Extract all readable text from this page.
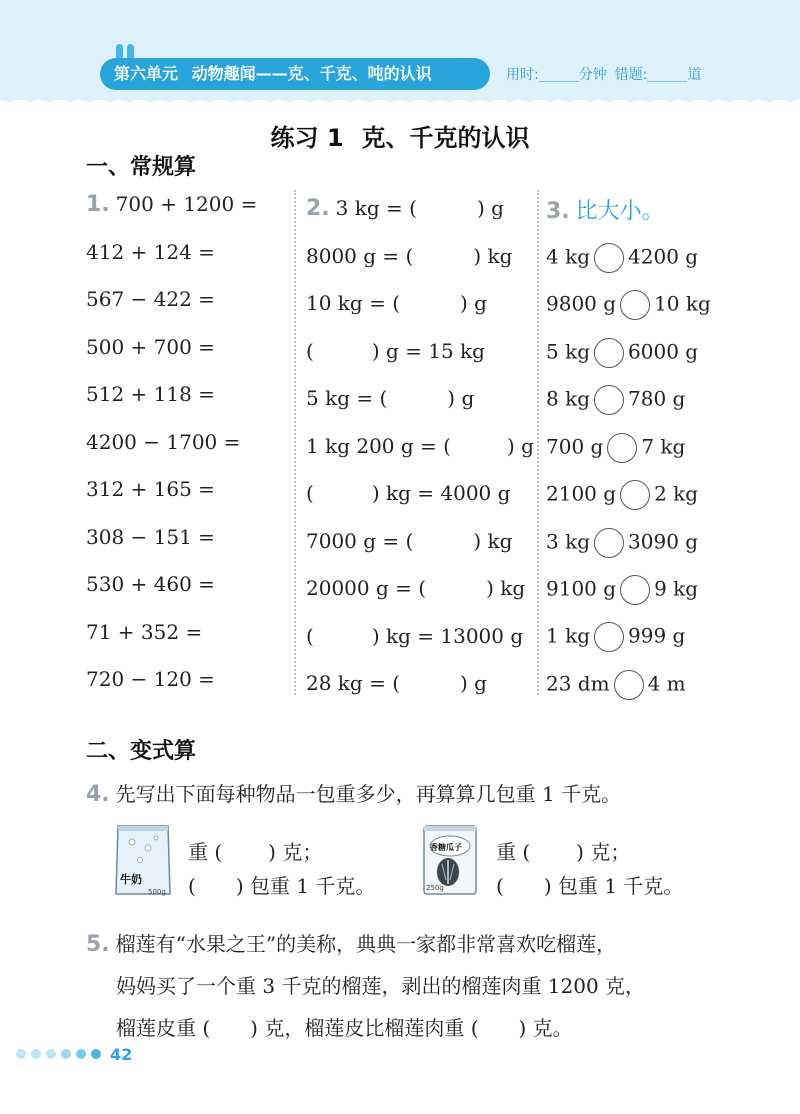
第六单元 动物趣闻——克、千克、吨的认识	用时:	分钟 错题:	道
练习 1 克、千克的认识
一、常规算
1. 700 + 1200 =
412 + 124 =
567 − 422 =
500 + 700 =
512 + 118 =
4200 − 1700 =
312 + 165 =
308 − 151 =
530 + 460 =
71 + 352 =
720 − 120 =
2. 3 kg = (	) g
8000 g = (	) kg
10 kg = (	) g
(	) g = 15 kg
5 kg = (	) g
1 kg 200 g = (	) g
(	) kg = 4000 g
7000 g = (	) kg
20000 g = (	) kg
(	) kg = 13000 g
28 kg = (	) g
3. 比大小。
4 kg 4200 g
9800 g 10 kg
5 kg 6000 g
8 kg 780 g
700 g 7 kg
2100 g 2 kg
3 kg 3090 g
9100 g 9 kg
1 kg 999 g
23 dm 4 m
二、变式算
4. 先写出下面每种物品一包重多少，再算算几包重 1 千克。
牛奶
500g
重 ( ) 克；
( ) 包重 1 千克。
香糖瓜子
250g
重 ( ) 克；
( ) 包重 1 千克。
5. 榴莲有“水果之王”的美称，典典一家都非常喜欢吃榴莲，
妈妈买了一个重 3 千克的榴莲，剥出的榴莲肉重 1200 克，
榴莲皮重 ( ) 克，榴莲皮比榴莲肉重 ( ) 克。
42
